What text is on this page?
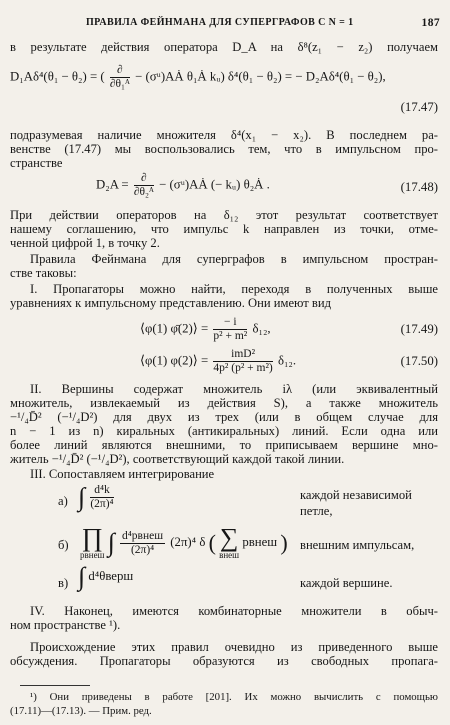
ПРАВИЛА ФЕЙНМАНА ДЛЯ СУПЕРГРАФОВ С N = 1	187
в результате действия оператора D_A на δ⁸(z₁ − z₂) получаем
D₁Aδ⁴(θ₁ − θ₂) = ( $\frac{\partial}{\text{∂θ₁ᴬ}}$ − (σᵘ)AȦ θ₁Ȧ kᵤ) δ⁴(θ₁ − θ₂) = − D₂Aδ⁴(θ₁ − θ₂),
(17.47)
подразумевая наличие множителя δ⁴(x₁ − x₂). В последнем ра-
венстве (17.47) мы воспользовались тем, что в импульсном про-
странстве
$D_2A = \frac{\partial}{\text{∂θ₂ᴬ}}$ − (σᵘ)AȦ (− kᵤ) θ₂Ȧ .	(17.48)
При действии операторов на δ₁₂ этот результат соответствует
нашему соглашению, что импульс k направлен из точки, отме-
ченной цифрой 1, в точку 2.
Правила Фейнмана для суперграфов в импульсном простран-
стве таковы:
I. Пропагаторы можно найти, переходя в полученных выше
уравнениях к импульсному представлению. Они имеют вид
⟨φ(1) φ̄(2)⟩ = $\frac{- i}{\text{p² + m²}} \delta_{12}$,	(17.49)
⟨φ(1) φ(2)⟩ = $\frac{\text{imD²}}{\text{4p² (p² + m²)}} \delta_{12}$.	(17.50)
II. Вершины содержат множитель iλ (или эквивалентный
множитель, извлекаемый из действия S), а также множитель
−¹/₄D̄² (−¹/₄D²) для двух из трех (или в общем случае для
n − 1 из n) киральных (антикиральных) линий. Если одна или
более линий являются внешними, то приписываем вершине мно-
житель −¹/₄D̄² (−¹/₄D²), соответствующий каждой такой линии.
III. Сопоставляем интегрирование
а) ∫ $\frac{\text{d⁴k}}{\text{(2π)⁴}}$	каждой независимой
петле,
б) ∏
pвнеш ∫ $\frac{\text{d⁴pвнеш}}{\text{(2π)⁴}} (2\pi)^4$ δ ( ∑
внеш
pвнеш ) внешним импульсам,
в) ∫ d⁴θверш	каждой вершине.
IV. Наконец, имеются комбинаторные множители в обыч-
ном пространстве ¹).
Происхождение этих правил очевидно из приведенного выше
обсуждения. Пропагаторы образуются из свободных пропага-
¹) Они приведены в работе [201]. Их можно вычислить с помощью
(17.11)—(17.13). — Прим. ред.
